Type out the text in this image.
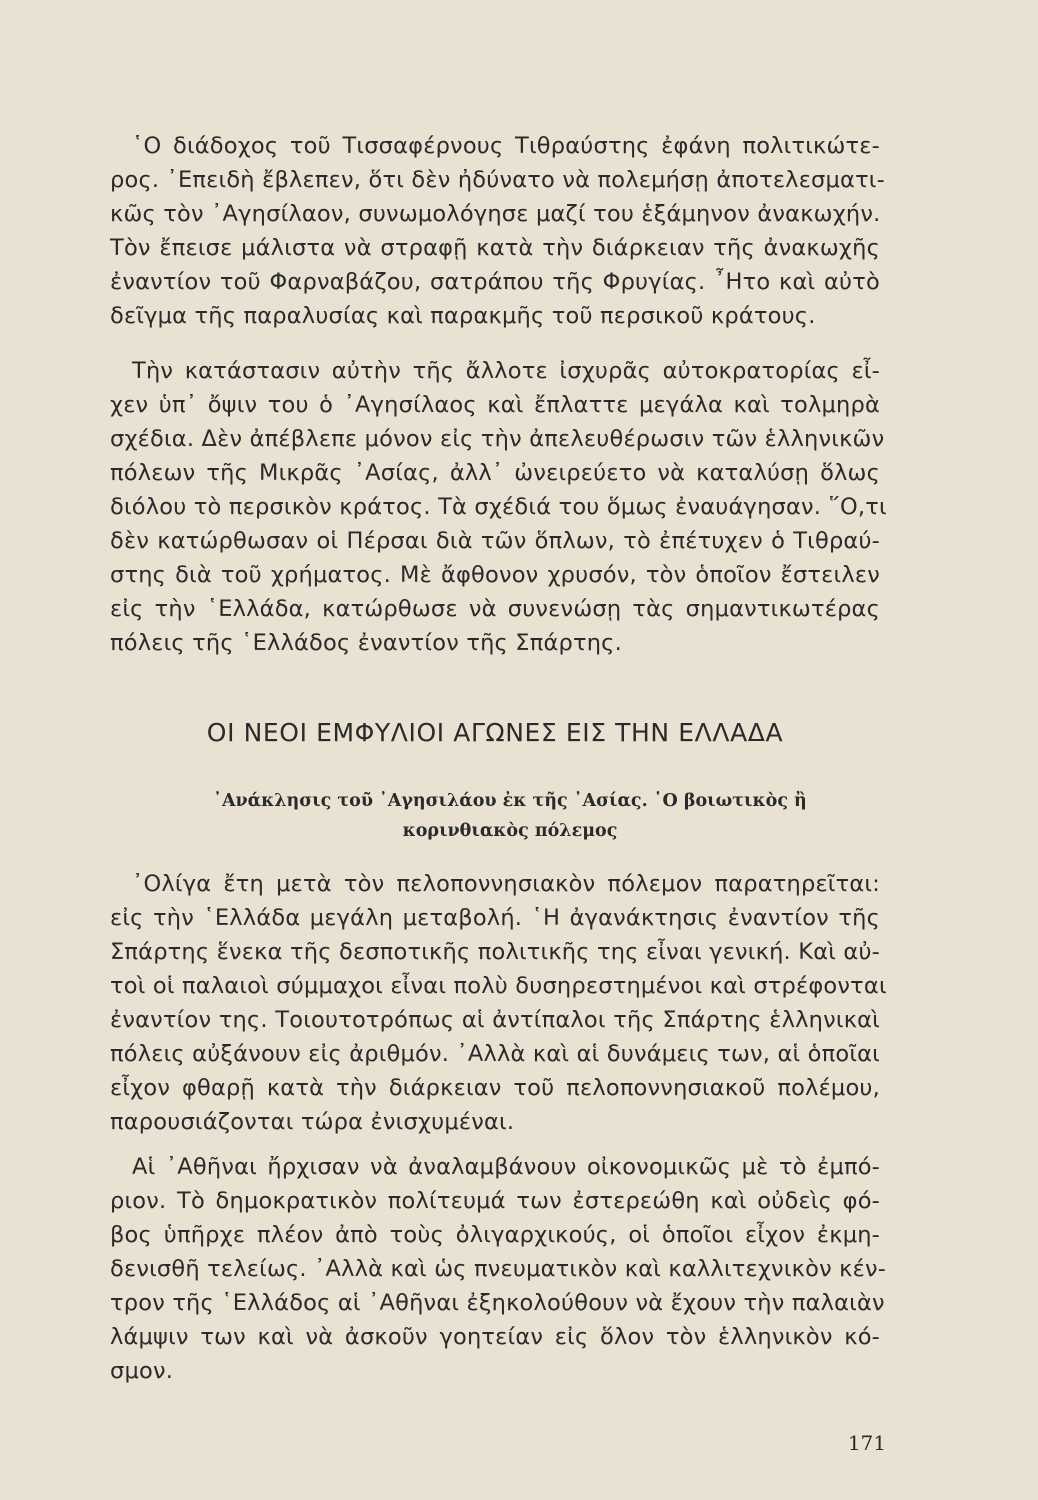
῾Ο διάδοχος τοῦ Τισσαφέρνους Τιθραύστης ἐφάνη πολιτικώτε-
ρος. ᾽Επειδὴ ἔβλεπεν, ὅτι δὲν ἠδύνατο νὰ πολεμήσῃ ἀποτελεσματι-
κῶς τὸν ᾽Αγησίλαον, συνωμολόγησε μαζί του ἑξάμηνον ἀνακωχήν.
Τὸν ἔπεισε μάλιστα νὰ στραφῇ κατὰ τὴν διάρκειαν τῆς ἀνακωχῆς
ἐναντίον τοῦ Φαρναβάζου, σατράπου τῆς Φρυγίας. ῏Ητο καὶ αὐτὸ
δεῖγμα τῆς παραλυσίας καὶ παρακμῆς τοῦ περσικοῦ κράτους.
Τὴν κατάστασιν αὐτὴν τῆς ἄλλοτε ἰσχυρᾶς αὐτοκρατορίας εἶ-
χεν ὑπ᾽ ὄψιν του ὁ ᾽Αγησίλαος καὶ ἔπλαττε μεγάλα καὶ τολμηρὰ
σχέδια. Δὲν ἀπέβλεπε μόνον εἰς τὴν ἀπελευθέρωσιν τῶν ἑλληνικῶν
πόλεων τῆς Μικρᾶς ᾽Ασίας, ἀλλ᾽ ὠνειρεύετο νὰ καταλύσῃ ὅλως
διόλου τὸ περσικὸν κράτος. Τὰ σχέδιά του ὅμως ἐναυάγησαν. ῞Ο,τι
δὲν κατώρθωσαν οἱ Πέρσαι διὰ τῶν ὅπλων, τὸ ἐπέτυχεν ὁ Τιθραύ-
στης διὰ τοῦ χρήματος. Μὲ ἄφθονον χρυσόν, τὸν ὁποῖον ἔστειλεν
εἰς τὴν ῾Ελλάδα, κατώρθωσε νὰ συνενώσῃ τὰς σημαντικωτέρας
πόλεις τῆς ῾Ελλάδος ἐναντίον τῆς Σπάρτης.
ΟΙ ΝΕΟΙ ΕΜΦΥΛΙΟΙ ΑΓΩΝΕΣ ΕΙΣ ΤΗΝ ΕΛΛΑΔΑ
᾽Ανάκλησις τοῦ ᾽Αγησιλάου ἐκ τῆς ᾽Ασίας. ῾Ο βοιωτικὸς ἢ
κορινθιακὸς πόλεμος
᾽Ολίγα ἔτη μετὰ τὸν πελοποννησιακὸν πόλεμον παρατηρεῖται:
εἰς τὴν ῾Ελλάδα μεγάλη μεταβολή. ῾Η ἀγανάκτησις ἐναντίον τῆς
Σπάρτης ἕνεκα τῆς δεσποτικῆς πολιτικῆς της εἶναι γενική. Καὶ αὐ-
τοὶ οἱ παλαιοὶ σύμμαχοι εἶναι πολὺ δυσηρεστημένοι καὶ στρέφονται
ἐναντίον της. Τοιουτοτρόπως αἱ ἀντίπαλοι τῆς Σπάρτης ἑλληνικαὶ
πόλεις αὐξάνουν εἰς ἀριθμόν. ᾽Αλλὰ καὶ αἱ δυνάμεις των, αἱ ὁποῖαι
εἶχον φθαρῇ κατὰ τὴν διάρκειαν τοῦ πελοποννησιακοῦ πολέμου,
παρουσιάζονται τώρα ἐνισχυμέναι.
Αἱ ᾽Αθῆναι ἤρχισαν νὰ ἀναλαμβάνουν οἰκονομικῶς μὲ τὸ ἐμπό-
ριον. Τὸ δημοκρατικὸν πολίτευμά των ἐστερεώθη καὶ οὐδεὶς φό-
βος ὑπῆρχε πλέον ἀπὸ τοὺς ὀλιγαρχικούς, οἱ ὁποῖοι εἶχον ἐκμη-
δενισθῆ τελείως. ᾽Αλλὰ καὶ ὡς πνευματικὸν καὶ καλλιτεχνικὸν κέν-
τρον τῆς ῾Ελλάδος αἱ ᾽Αθῆναι ἐξηκολούθουν νὰ ἔχουν τὴν παλαιὰν
λάμψιν των καὶ νὰ ἀσκοῦν γοητείαν εἰς ὅλον τὸν ἑλληνικὸν κό-
σμον.
171
